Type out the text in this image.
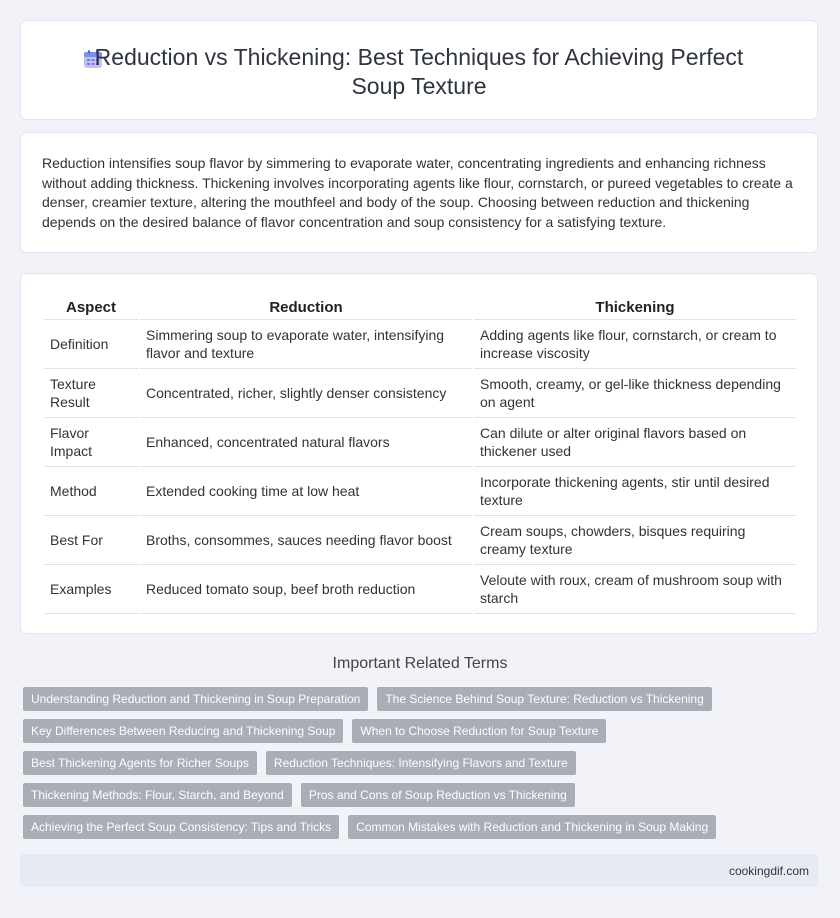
Reduction vs Thickening: Best Techniques for Achieving Perfect Soup Texture

Reduction intensifies soup flavor by simmering to evaporate water, concentrating ingredients and enhancing richness without adding thickness. Thickening involves incorporating agents like flour, cornstarch, or pureed vegetables to create a denser, creamier texture, altering the mouthfeel and body of the soup. Choosing between reduction and thickening depends on the desired balance of flavor concentration and soup consistency for a satisfying texture.

Aspect	Reduction	Thickening
Definition	Simmering soup to evaporate water, intensifying flavor and texture	Adding agents like flour, cornstarch, or cream to increase viscosity
Texture Result	Concentrated, richer, slightly denser consistency	Smooth, creamy, or gel-like thickness depending on agent
Flavor Impact	Enhanced, concentrated natural flavors	Can dilute or alter original flavors based on thickener used
Method	Extended cooking time at low heat	Incorporate thickening agents, stir until desired texture
Best For	Broths, consommes, sauces needing flavor boost	Cream soups, chowders, bisques requiring creamy texture
Examples	Reduced tomato soup, beef broth reduction	Veloute with roux, cream of mushroom soup with starch
Important Related Terms
Understanding Reduction and Thickening in Soup Preparation	The Science Behind Soup Texture: Reduction vs Thickening
Key Differences Between Reducing and Thickening Soup	When to Choose Reduction for Soup Texture
Best Thickening Agents for Richer Soups	Reduction Techniques: Intensifying Flavors and Texture
Thickening Methods: Flour, Starch, and Beyond	Pros and Cons of Soup Reduction vs Thickening
Achieving the Perfect Soup Consistency: Tips and Tricks	Common Mistakes with Reduction and Thickening in Soup Making
cookingdif.com
